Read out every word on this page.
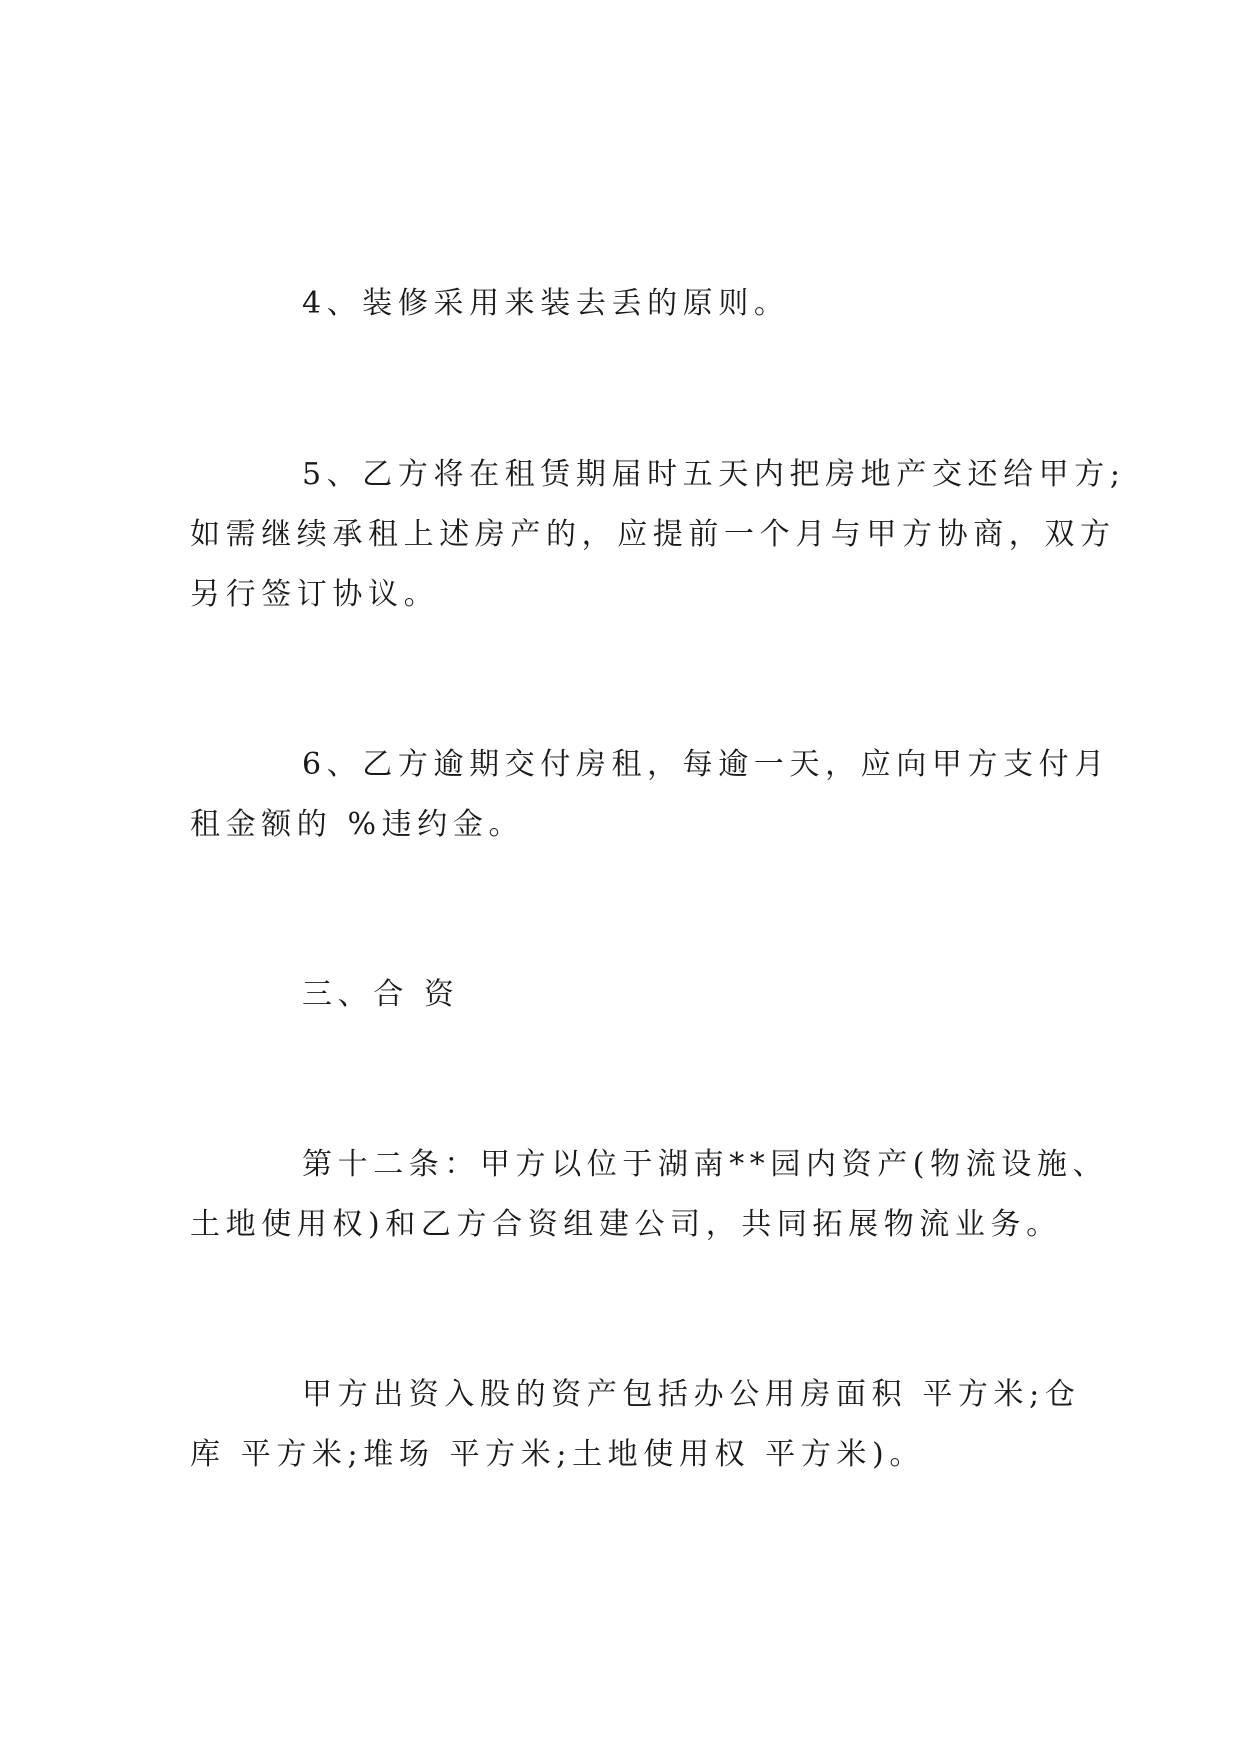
4、装修采用来装去丢的原则。
5、乙方将在租赁期届时五天内把房地产交还给甲方;
如需继续承租上述房产的，应提前一个月与甲方协商，双方
另行签订协议。
6、乙方逾期交付房租，每逾一天，应向甲方支付月
租金额的 %违约金。
三、合 资
第十二条：甲方以位于湖南**园内资产(物流设施、
土地使用权)和乙方合资组建公司，共同拓展物流业务。
甲方出资入股的资产包括办公用房面积 平方米;仓
库 平方米;堆场 平方米;土地使用权 平方米)。
